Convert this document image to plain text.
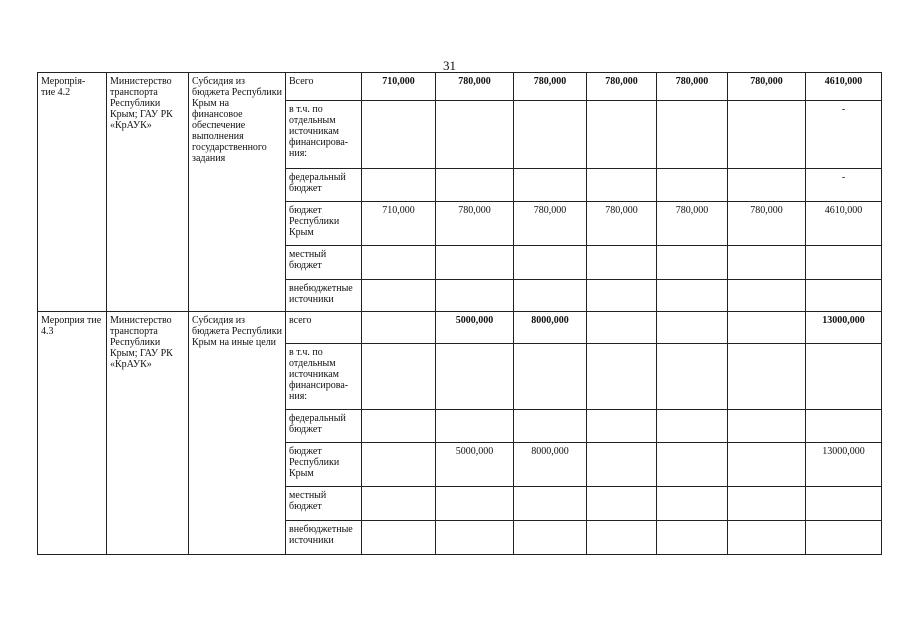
31
Меропрія-
тие 4.2	Министерство транспорта Республики Крым; ГАУ РК «КрАУК»	Субсидия из бюджета Республики Крым на финансовое обеспечение выполнения государственного задания	Всего	710,000	780,000	780,000	780,000	780,000	780,000	4610,000
			в т.ч. по отдельным источникам финансирова-ния:							-
			федеральный бюджет							-
			бюджет Республики Крым	710,000	780,000	780,000	780,000	780,000	780,000	4610,000
			местный бюджет							
			внебюджетные источники							
Мероприя тие 4.3	Министерство транспорта Республики Крым; ГАУ РК «КрАУК»	Субсидия из бюджета Республики Крым на иные цели	всего		5000,000	8000,000				13000,000
			в т.ч. по отдельным источникам финансирова-ния:							
			федеральный бюджет							
			бюджет Республики Крым		5000,000	8000,000				13000,000
			местный бюджет							
			внебюджетные источники							
